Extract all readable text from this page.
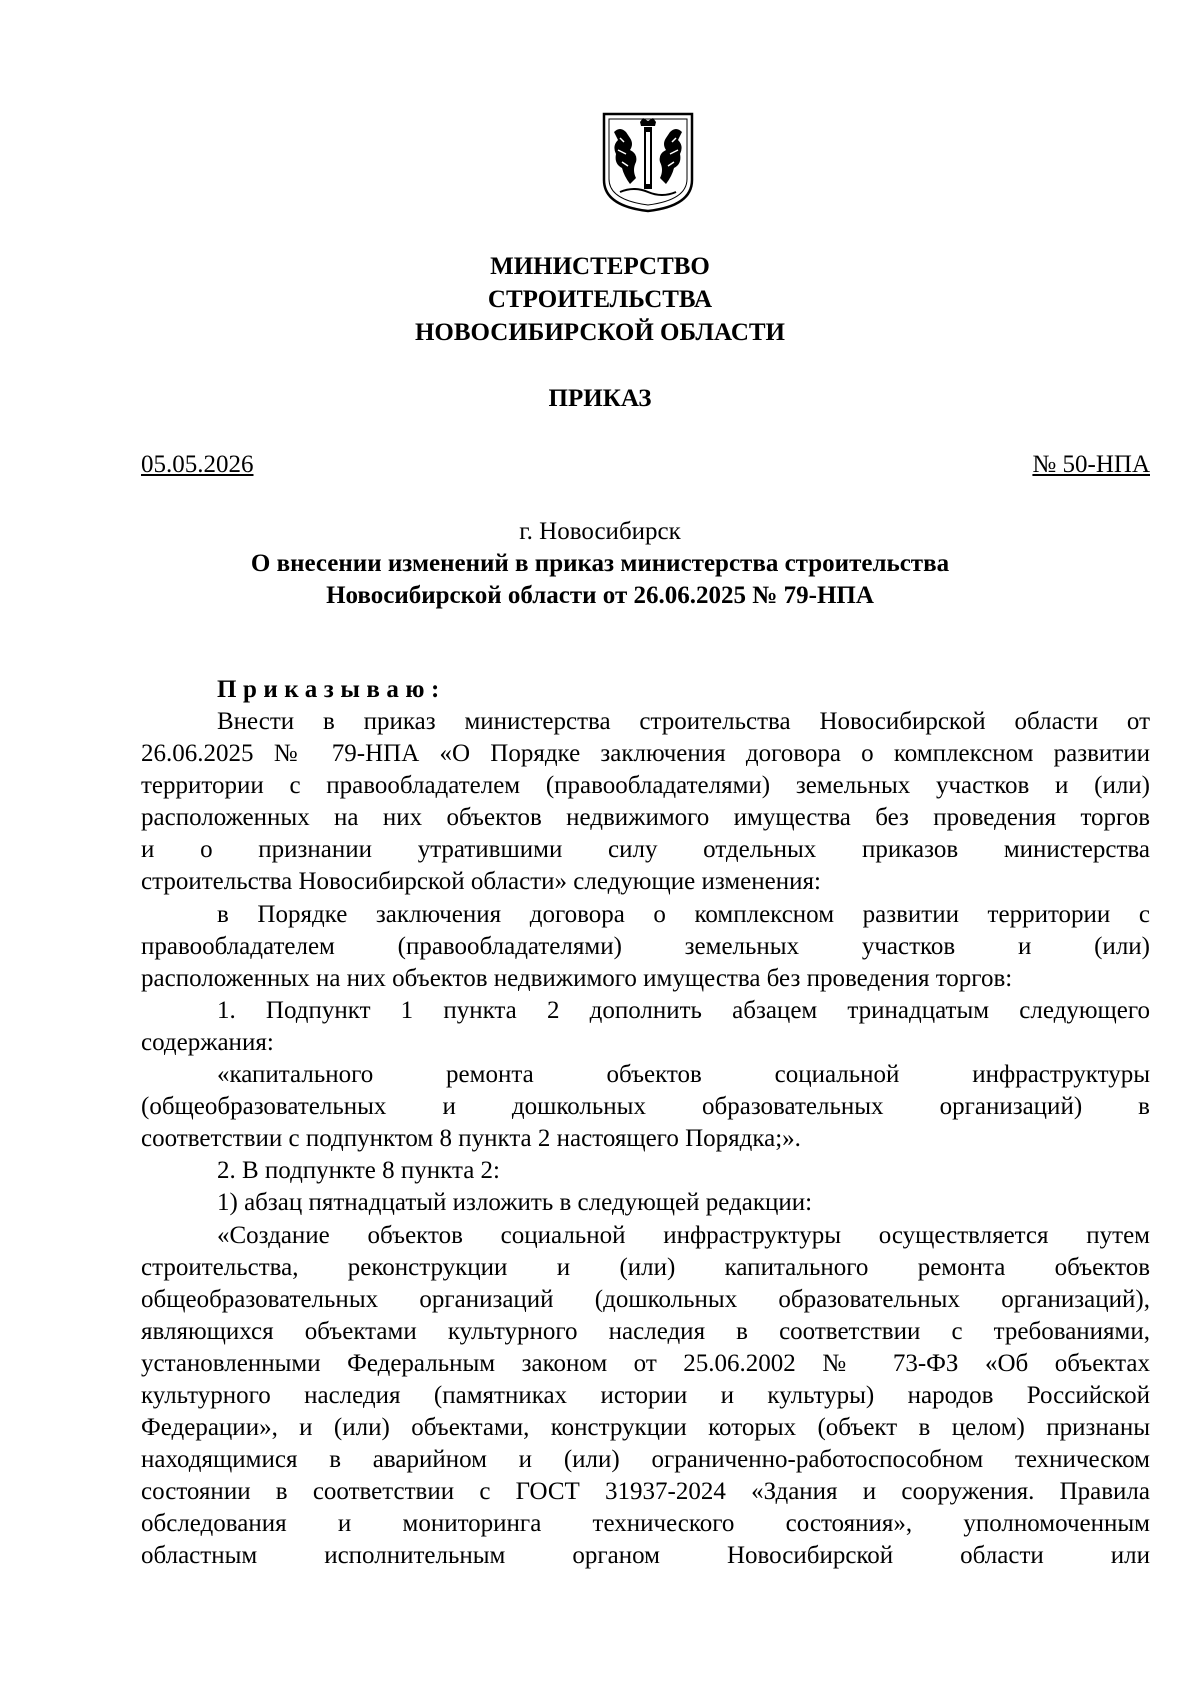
МИНИСТЕРСТВО
СТРОИТЕЛЬСТВА
НОВОСИБИРСКОЙ ОБЛАСТИ
ПРИКАЗ
05.05.2026	№ 50-НПА
г. Новосибирск
О внесении изменений в приказ министерства строительства
Новосибирской области от 26.06.2025 № 79-НПА
Приказываю:
Внести в приказ министерства строительства Новосибирской области от
26.06.2025 № 79-НПА «О Порядке заключения договора о комплексном развитии
территории с правообладателем (правообладателями) земельных участков и (или)
расположенных на них объектов недвижимого имущества без проведения торгов
и о признании утратившими силу отдельных приказов министерства
строительства Новосибирской области» следующие изменения:
в Порядке заключения договора о комплексном развитии территории с
правообладателем (правообладателями) земельных участков и (или)
расположенных на них объектов недвижимого имущества без проведения торгов:
1. Подпункт 1 пункта 2 дополнить абзацем тринадцатым следующего
содержания:
«капитального ремонта объектов социальной инфраструктуры
(общеобразовательных и дошкольных образовательных организаций) в
соответствии с подпунктом 8 пункта 2 настоящего Порядка;».
2. В подпункте 8 пункта 2:
1) абзац пятнадцатый изложить в следующей редакции:
«Создание объектов социальной инфраструктуры осуществляется путем
строительства, реконструкции и (или) капитального ремонта объектов
общеобразовательных организаций (дошкольных образовательных организаций),
являющихся объектами культурного наследия в соответствии с требованиями,
установленными Федеральным законом от 25.06.2002 № 73-ФЗ «Об объектах
культурного наследия (памятниках истории и культуры) народов Российской
Федерации», и (или) объектами, конструкции которых (объект в целом) признаны
находящимися в аварийном и (или) ограниченно-работоспособном техническом
состоянии в соответствии с ГОСТ 31937-2024 «Здания и сооружения. Правила
обследования и мониторинга технического состояния», уполномоченным
областным исполнительным органом Новосибирской области или
